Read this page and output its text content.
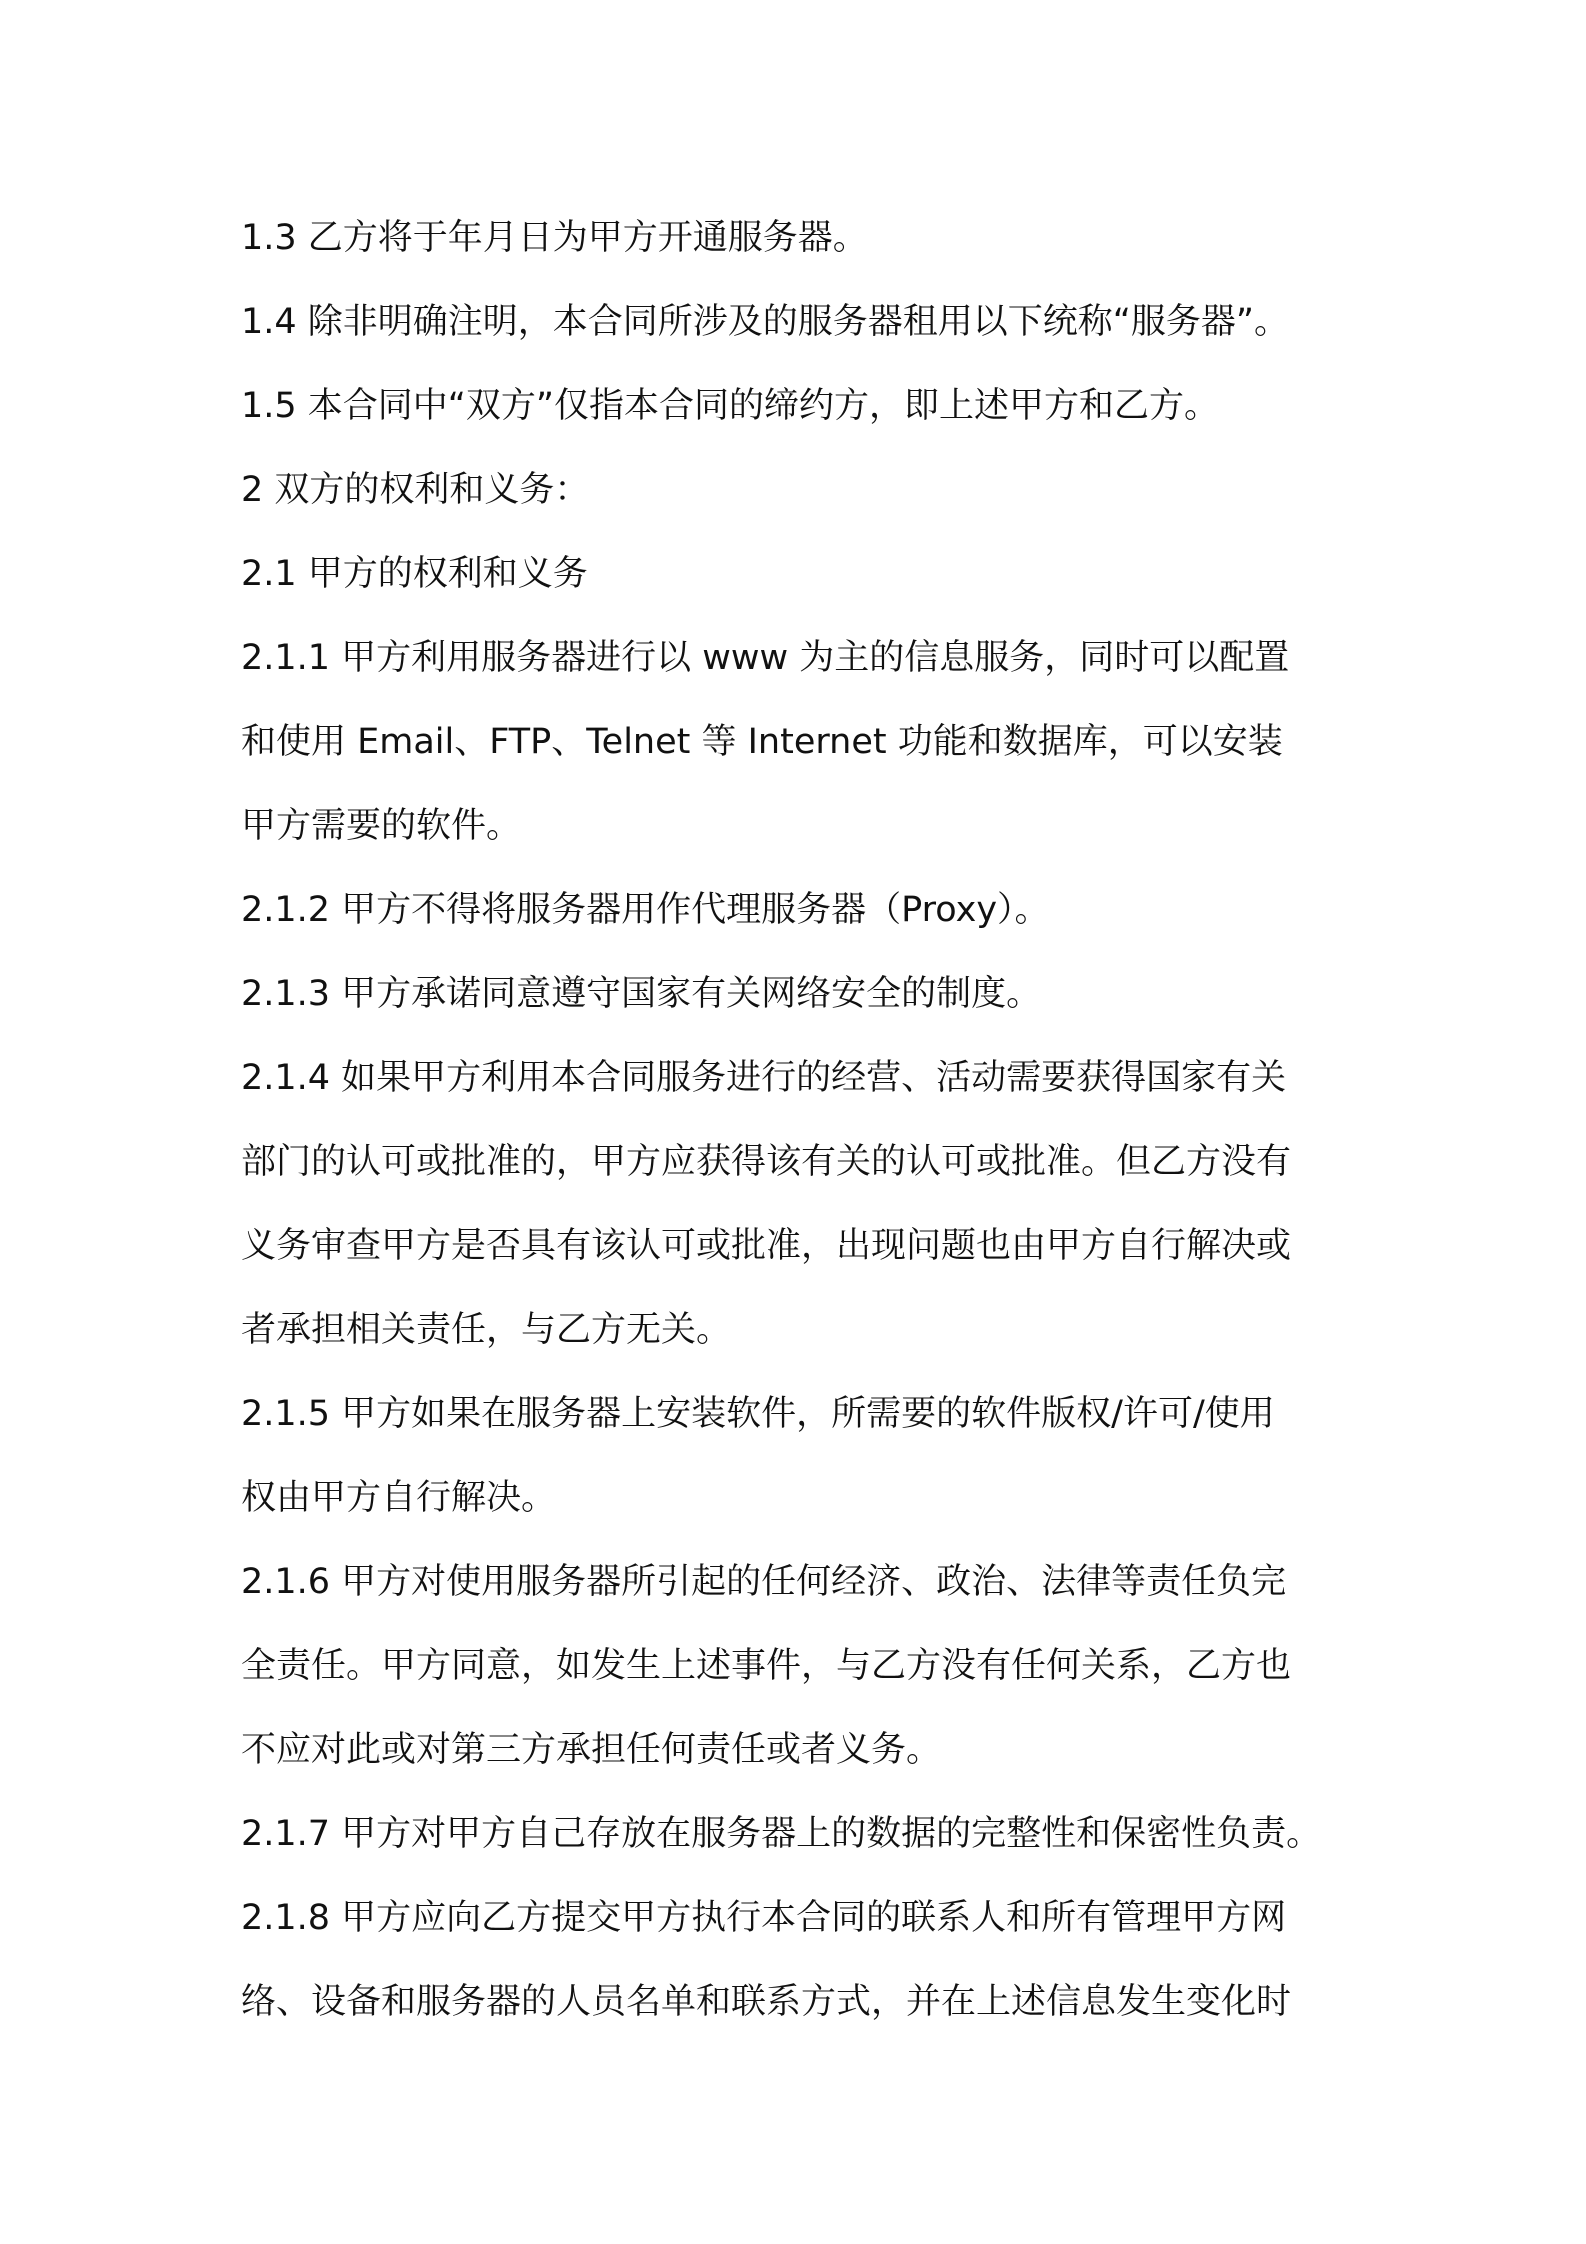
1.3 乙方将于年月日为甲方开通服务器。

1.4 除非明确注明，本合同所涉及的服务器租用以下统称“服务器”。

1.5 本合同中“双方”仅指本合同的缔约方，即上述甲方和乙方。

2 双方的权利和义务：

2.1 甲方的权利和义务

2.1.1 甲方利用服务器进行以 www 为主的信息服务，同时可以配置

和使用 Email、FTP、Telnet 等 Internet 功能和数据库，可以安装

甲方需要的软件。

2.1.2 甲方不得将服务器用作代理服务器（Proxy）。

2.1.3 甲方承诺同意遵守国家有关网络安全的制度。

2.1.4 如果甲方利用本合同服务进行的经营、活动需要获得国家有关

部门的认可或批准的，甲方应获得该有关的认可或批准。但乙方没有

义务审查甲方是否具有该认可或批准，出现问题也由甲方自行解决或

者承担相关责任，与乙方无关。

2.1.5 甲方如果在服务器上安装软件，所需要的软件版权/许可/使用

权由甲方自行解决。

2.1.6 甲方对使用服务器所引起的任何经济、政治、法律等责任负完

全责任。甲方同意，如发生上述事件，与乙方没有任何关系，乙方也

不应对此或对第三方承担任何责任或者义务。

2.1.7 甲方对甲方自己存放在服务器上的数据的完整性和保密性负责。

2.1.8 甲方应向乙方提交甲方执行本合同的联系人和所有管理甲方网

络、设备和服务器的人员名单和联系方式，并在上述信息发生变化时
